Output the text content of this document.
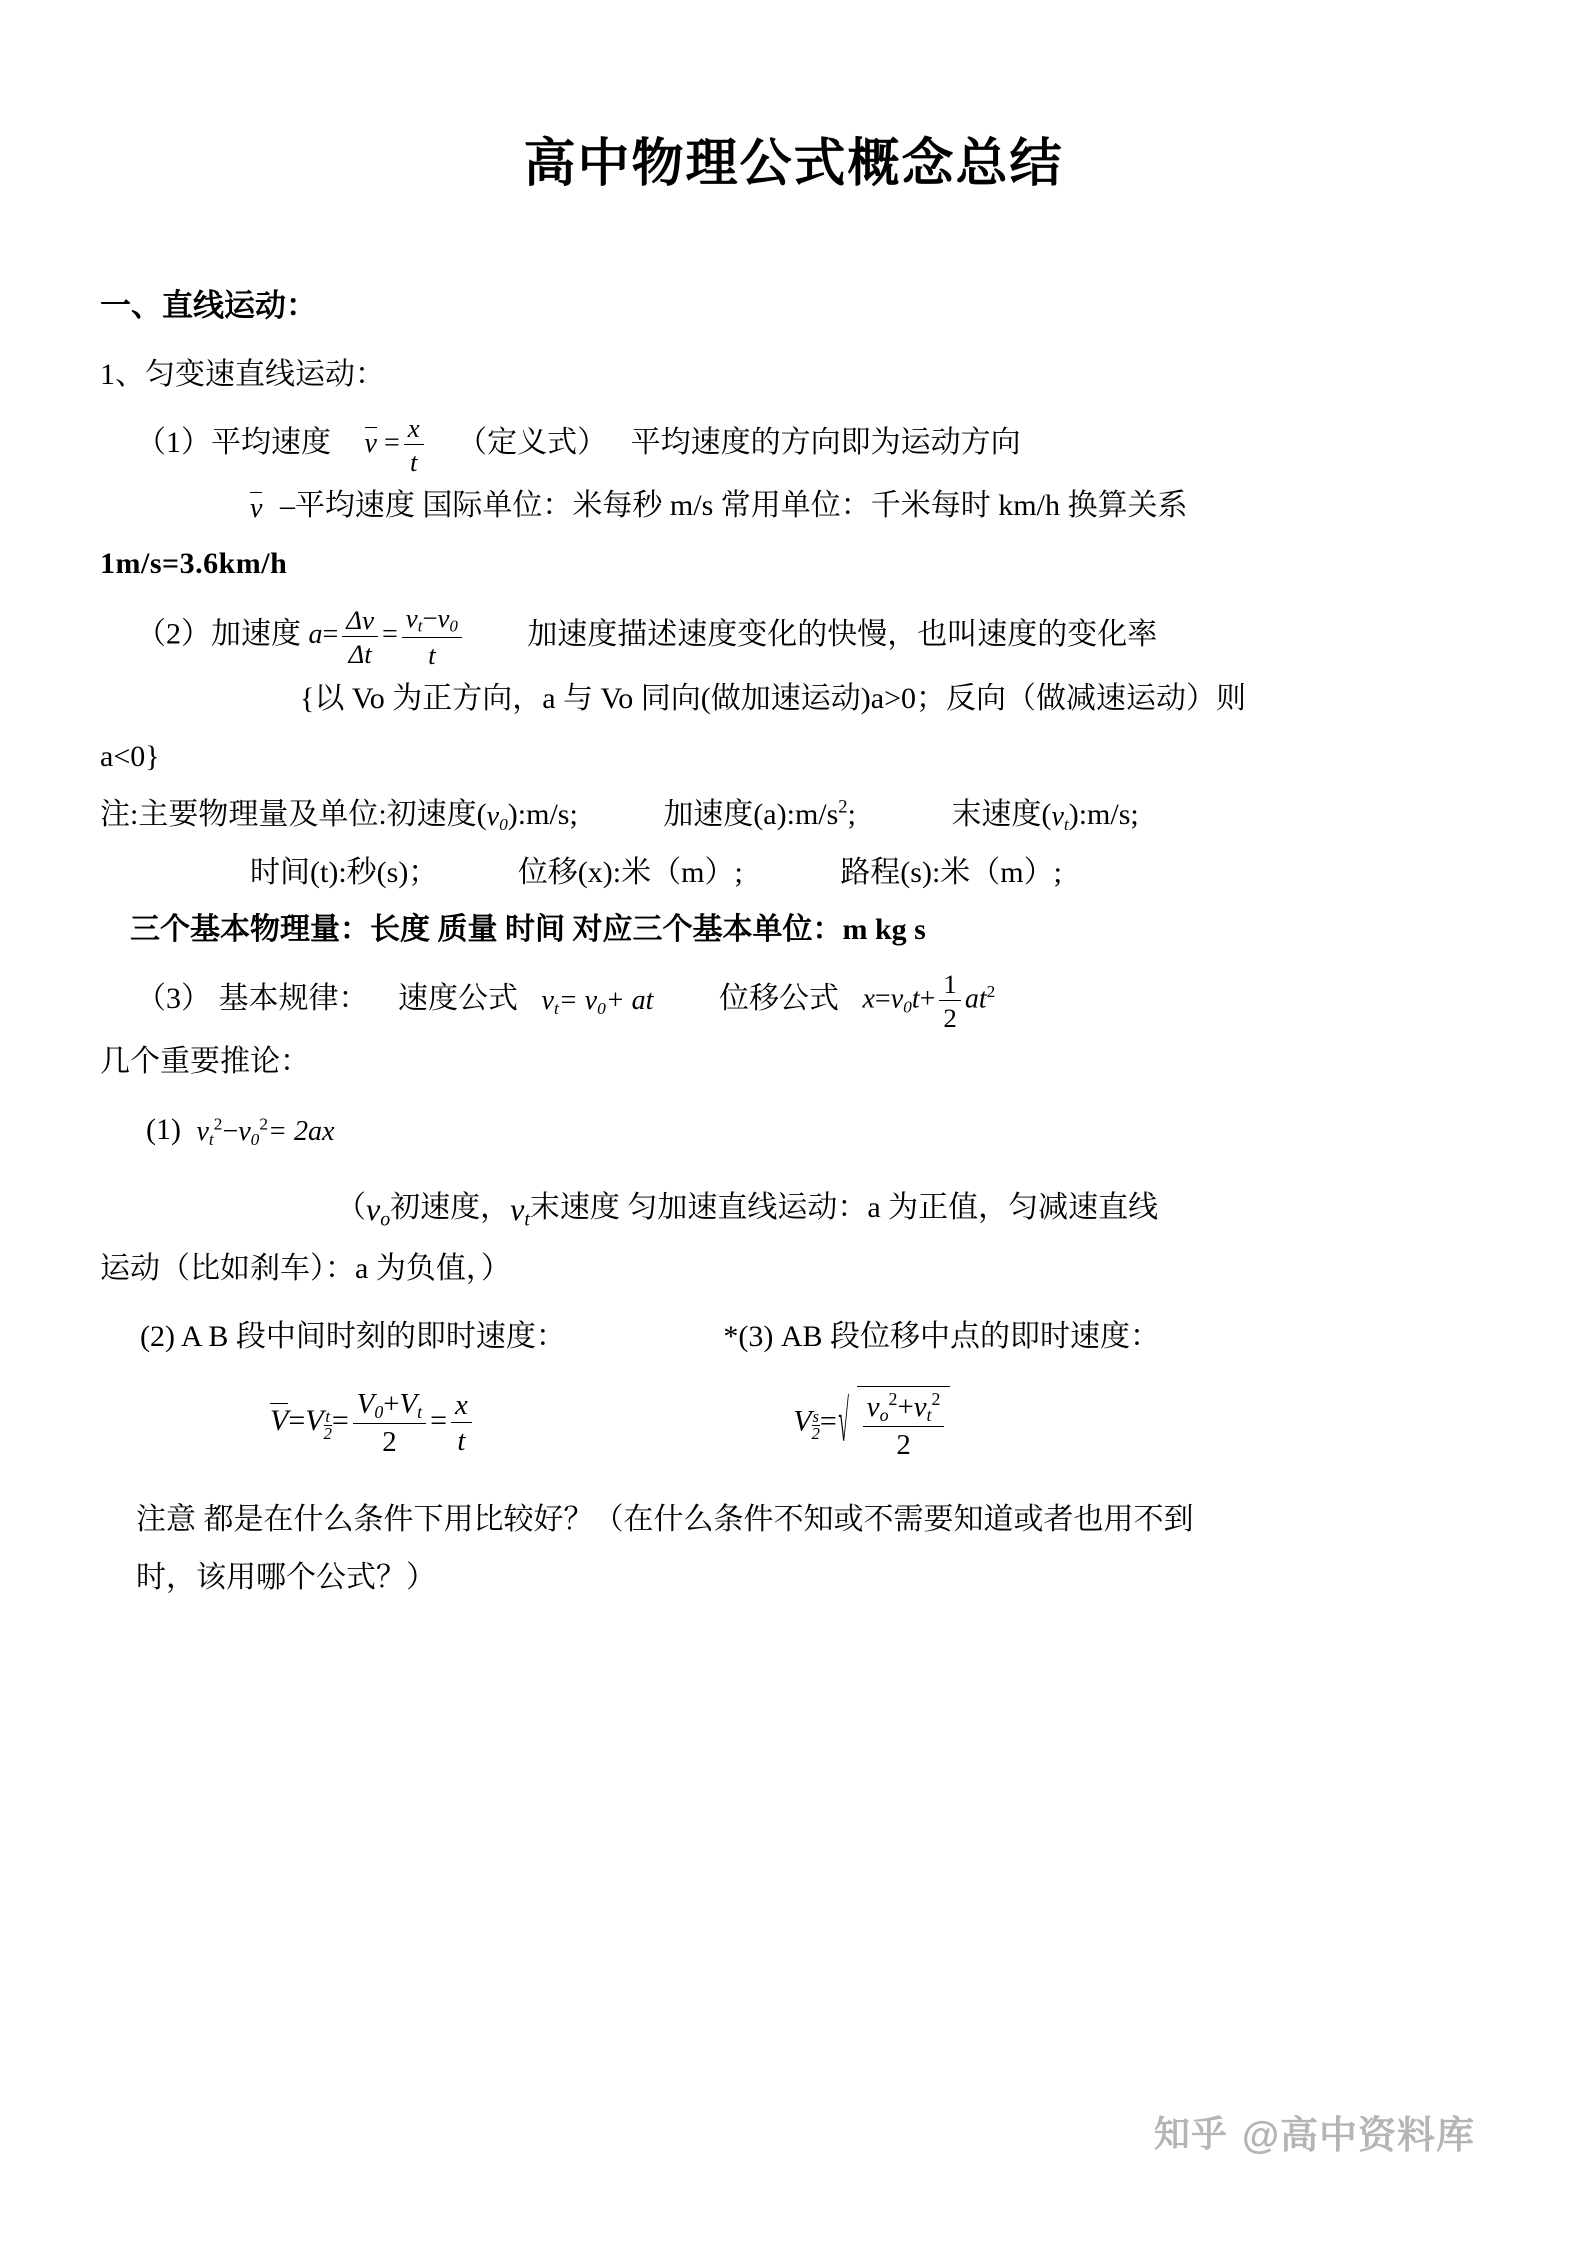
高中物理公式概念总结
一、直线运动：
1、匀变速直线运动：
（1）平均速度 $v = \frac{x}{t}$ （定义式） 平均速度的方向即为运动方向
v –平均速度 国际单位：米每秒 m/s 常用单位：千米每时 km/h 换算关系
1m/s=3.6km/h
（2）加速度 $a= \frac{\Delta v}{\Delta t} = \frac{v_t-v_0}{t}$ 加速度描述速度变化的快慢，也叫速度的变化率
{以 Vo 为正方向，a 与 Vo 同向(做加速运动)a>0；反向（做减速运动）则
a<0}
注:主要物理量及单位:初速度$(v_0):m/s$;	加速度$(a):m/s^2$;	末速度$(v_t):m/s$;
时间(t):秒(s)；	位移(x):米（m）;	路程(s):米（m）;
三个基本物理量：长度 质量 时间 对应三个基本单位：m kg s
（3） 基本规律： 速度公式 $v_t= v_0+$ at 位移公式 $x=v_0t+ \frac{1}{2} at^2$
几个重要推论：
(1) $v_t^2-v_0^2= 2ax$
（$v_o$初速度，$v_t$末速度 匀加速直线运动：a 为正值，匀减速直线
运动（比如刹车）：a 为负值，）
(2) A B 段中间时刻的即时速度：	*(3) AB 段位移中点的即时速度：
V=V $_{\frac{t}{2}} = \frac{V_0+V_t}{2} = \frac{x}{t}$	V $_{\frac{s}{2}}$ = √ $\frac{v_o^2+v_t^2}{2}$
注意 都是在什么条件下用比较好？（在什么条件不知或不需要知道或者也用不到
时，该用哪个公式？）
知乎 @高中资料库
